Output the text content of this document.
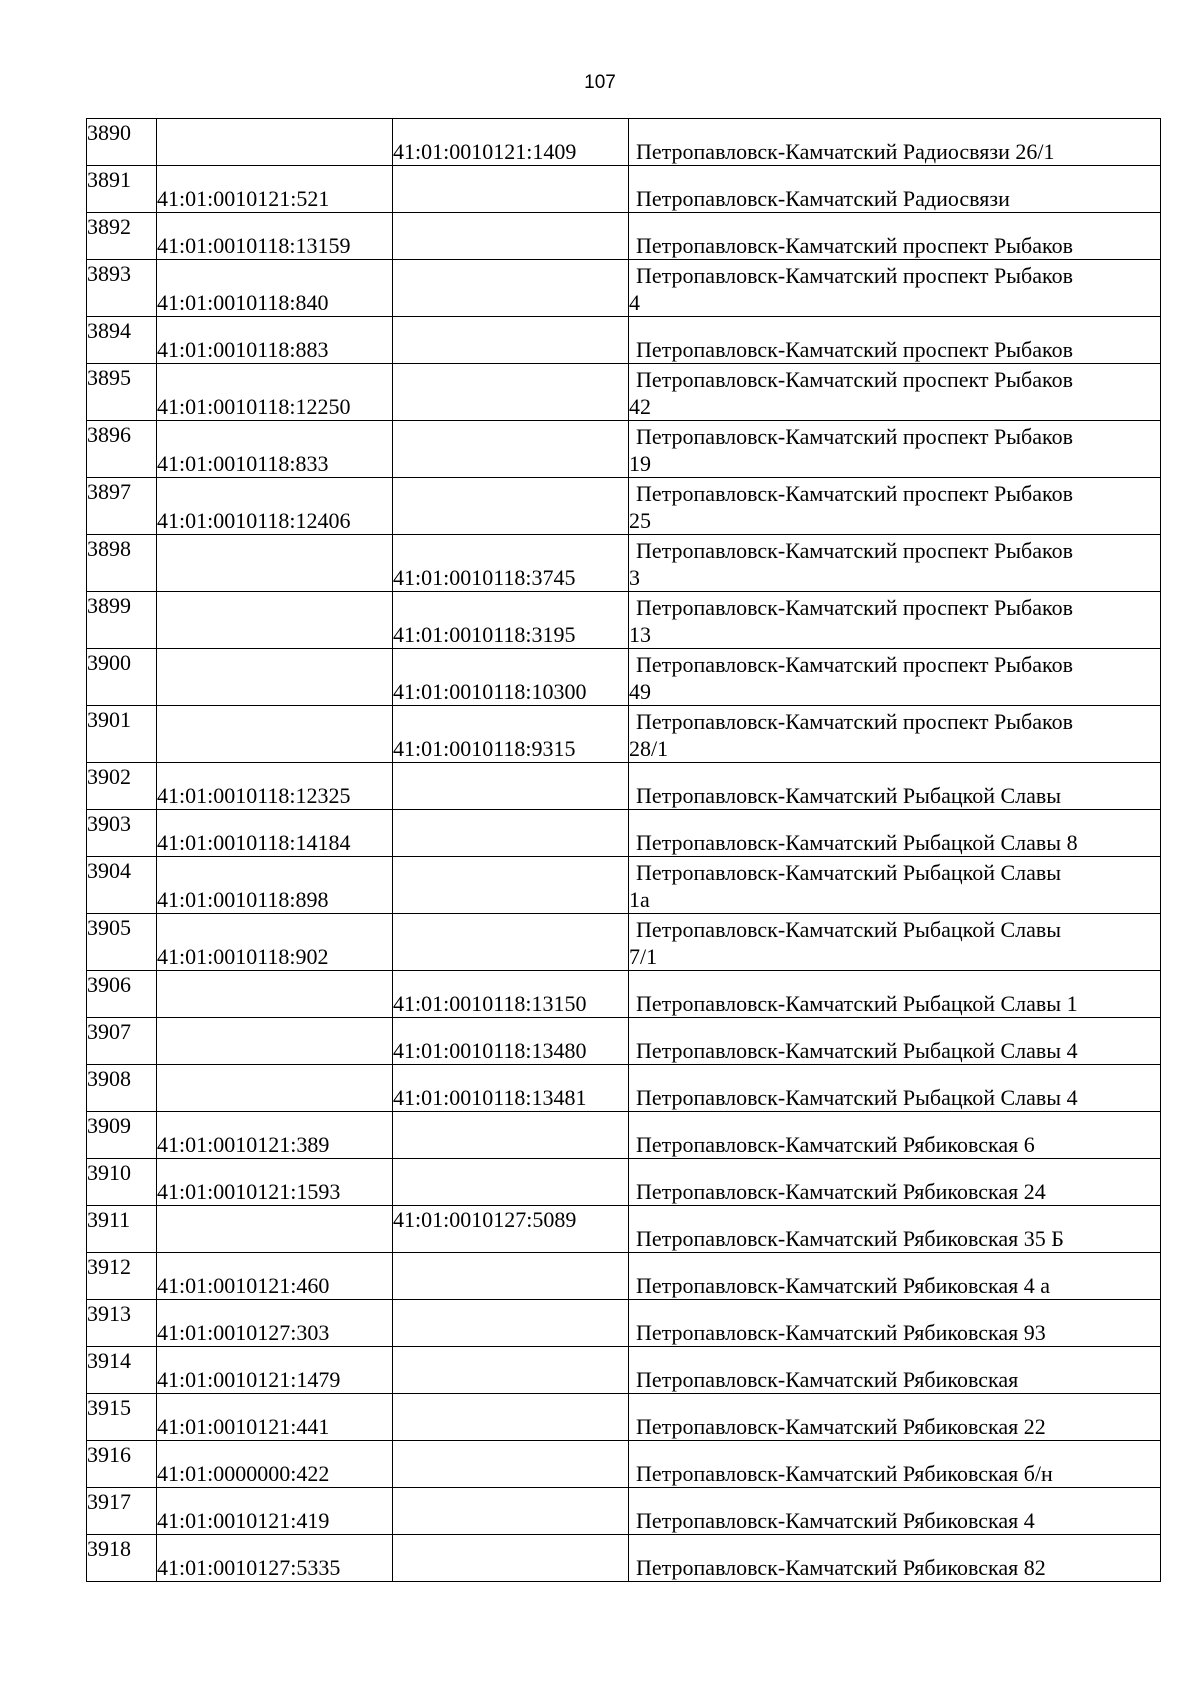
107
3890		41:01:0010121:1409	Петропавловск-Камчатский Радиосвязи 26/1

3891	41:01:0010121:521		Петропавловск-Камчатский Радиосвязи

3892	41:01:0010118:13159		Петропавловск-Камчатский проспект Рыбаков

3893	41:01:0010118:840		Петропавловск-Камчатский проспект Рыбаков
4

3894	41:01:0010118:883		Петропавловск-Камчатский проспект Рыбаков

3895	41:01:0010118:12250		Петропавловск-Камчатский проспект Рыбаков
42

3896	41:01:0010118:833		Петропавловск-Камчатский проспект Рыбаков
19

3897	41:01:0010118:12406		Петропавловск-Камчатский проспект Рыбаков
25

3898		41:01:0010118:3745	Петропавловск-Камчатский проспект Рыбаков
3

3899		41:01:0010118:3195	Петропавловск-Камчатский проспект Рыбаков
13

3900		41:01:0010118:10300	Петропавловск-Камчатский проспект Рыбаков
49

3901		41:01:0010118:9315	Петропавловск-Камчатский проспект Рыбаков
28/1

3902	41:01:0010118:12325		Петропавловск-Камчатский Рыбацкой Славы

3903	41:01:0010118:14184		Петропавловск-Камчатский Рыбацкой Славы 8

3904	41:01:0010118:898		Петропавловск-Камчатский Рыбацкой Славы
1а

3905	41:01:0010118:902		Петропавловск-Камчатский Рыбацкой Славы
7/1

3906		41:01:0010118:13150	Петропавловск-Камчатский Рыбацкой Славы 1

3907		41:01:0010118:13480	Петропавловск-Камчатский Рыбацкой Славы 4

3908		41:01:0010118:13481	Петропавловск-Камчатский Рыбацкой Славы 4

3909	41:01:0010121:389		Петропавловск-Камчатский Рябиковская 6

3910	41:01:0010121:1593		Петропавловск-Камчатский Рябиковская 24

3911		41:01:0010127:5089	Петропавловск-Камчатский Рябиковская 35 Б

3912	41:01:0010121:460		Петропавловск-Камчатский Рябиковская 4 а

3913	41:01:0010127:303		Петропавловск-Камчатский Рябиковская 93

3914	41:01:0010121:1479		Петропавловск-Камчатский Рябиковская

3915	41:01:0010121:441		Петропавловск-Камчатский Рябиковская 22

3916	41:01:0000000:422		Петропавловск-Камчатский Рябиковская б/н

3917	41:01:0010121:419		Петропавловск-Камчатский Рябиковская 4

3918	41:01:0010127:5335		Петропавловск-Камчатский Рябиковская 82
